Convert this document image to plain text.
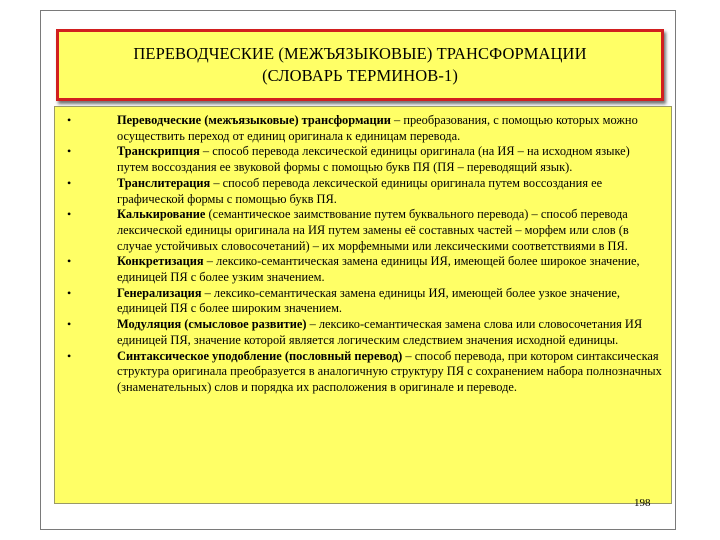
ПЕРЕВОДЧЕСКИЕ (МЕЖЪЯЗЫКОВЫЕ) ТРАНСФОРМАЦИИ
(СЛОВАРЬ ТЕРМИНОВ-1)
•	Переводческие (межъязыковые) трансформации – преобразования, с помощью которых можно осуществить переход от единиц оригинала к единицам перевода.
•	Транскрипция – способ перевода лексической единицы оригинала (на ИЯ – на исходном языке) путем воссоздания ее звуковой формы с помощью букв ПЯ (ПЯ – переводящий язык).
•	Транслитерация – способ перевода лексической единицы оригинала путем воссоздания ее графической формы с помощью букв ПЯ.
•	Калькирование (семантическое заимствование путем буквального перевода) – способ перевода лексической единицы оригинала на ИЯ путем замены её составных частей – морфем или слов (в случае устойчивых словосочетаний) – их морфемными или лексическими соответствиями в ПЯ.
•	Конкретизация – лексико-семантическая замена единицы ИЯ, имеющей более широкое значение, единицей ПЯ с более узким значением.
•	Генерализация – лексико-семантическая замена единицы ИЯ, имеющей более узкое значение, единицей ПЯ с более широким значением.
•	Модуляция (смысловое развитие) – лексико-семантическая замена слова или словосочетания ИЯ единицей ПЯ, значение которой является логическим следствием значения исходной единицы.
•	Синтаксическое уподобление (пословный перевод) – способ перевода, при котором синтаксическая структура оригинала преобразуется в аналогичную структуру ПЯ с сохранением набора полнозначных (знаменательных) слов и порядка их расположения в оригинале и переводе.
198
